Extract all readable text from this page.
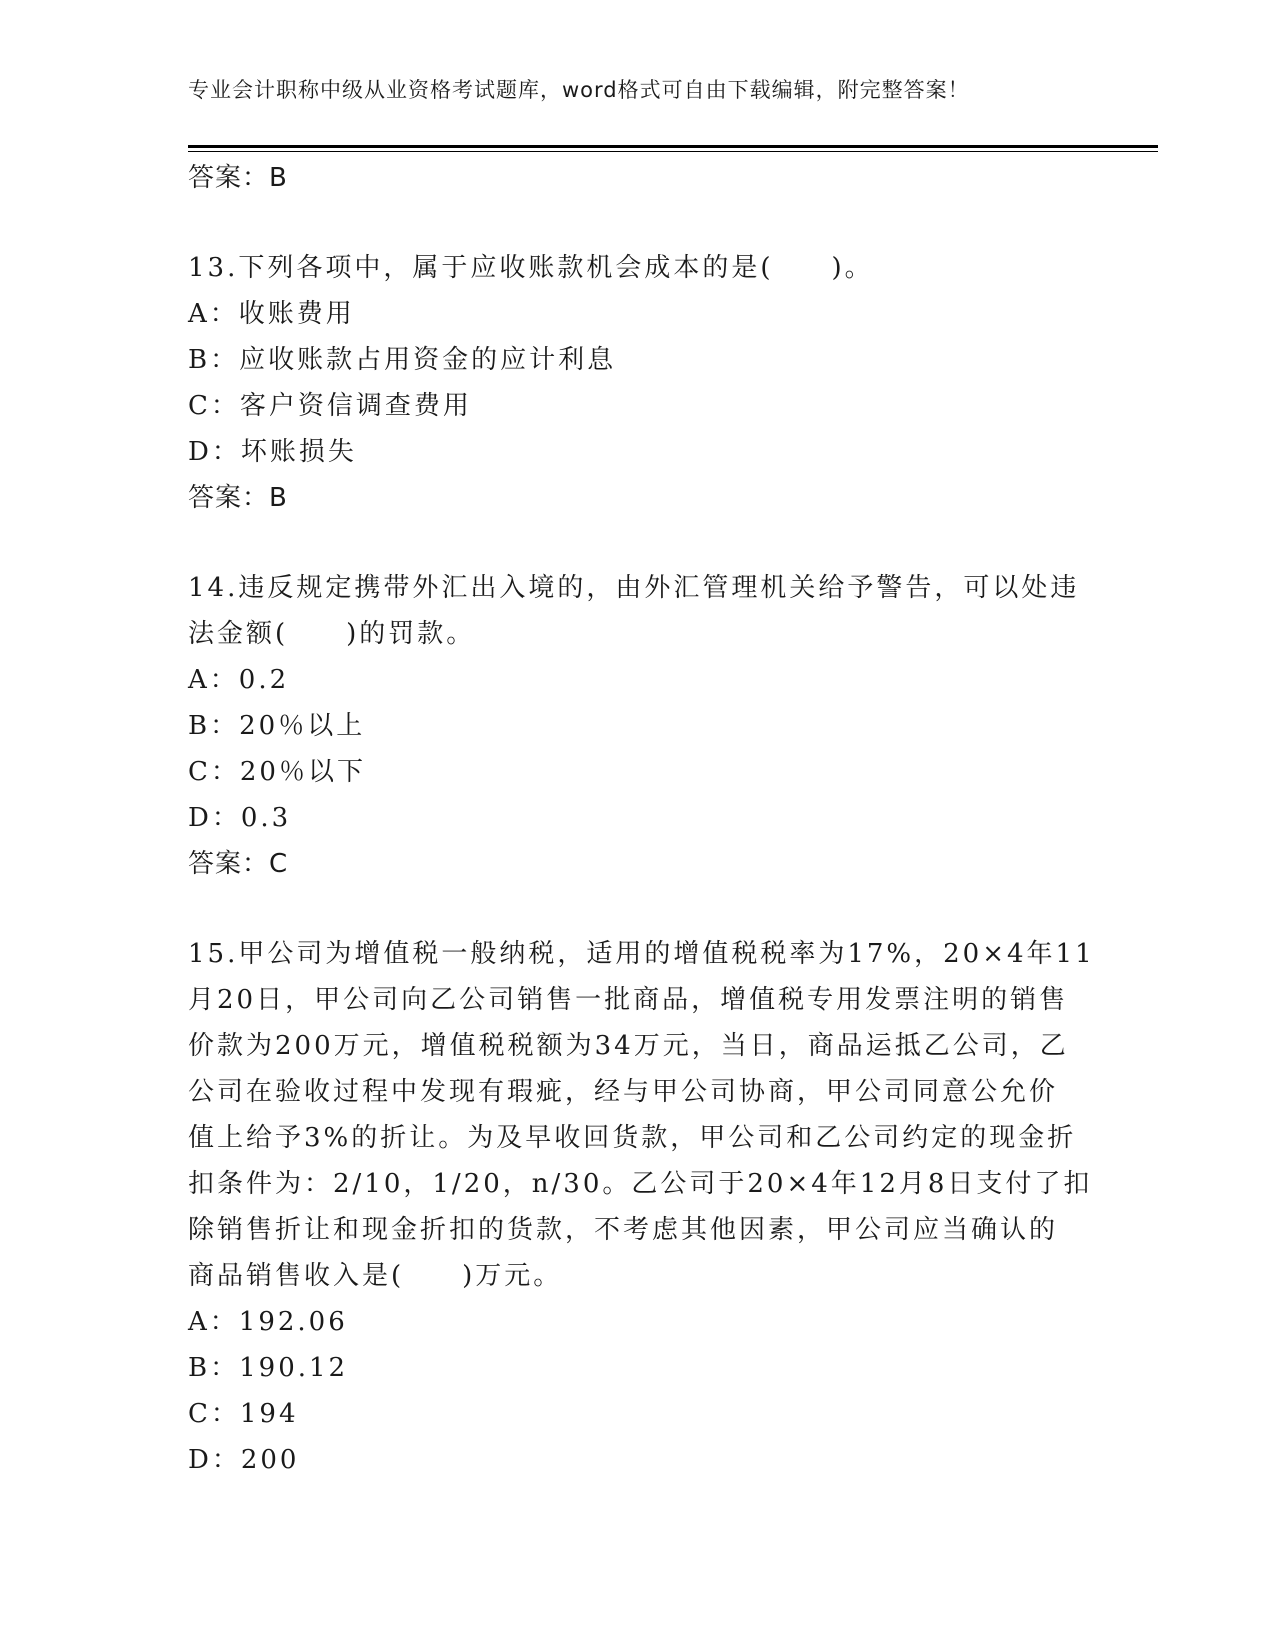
专业会计职称中级从业资格考试题库，word格式可自由下载编辑，附完整答案！
答案：B
13.下列各项中，属于应收账款机会成本的是(　　)。
A：收账费用
B：应收账款占用资金的应计利息
C：客户资信调查费用
D：坏账损失
答案：B
14.违反规定携带外汇出入境的，由外汇管理机关给予警告，可以处违
法金额(　　)的罚款。
A：0.2
B：20％以上
C：20％以下
D：0.3
答案：C
15.甲公司为增值税一般纳税，适用的增值税税率为17%，20×4年11
月20日，甲公司向乙公司销售一批商品，增值税专用发票注明的销售
价款为200万元，增值税税额为34万元，当日，商品运抵乙公司，乙
公司在验收过程中发现有瑕疵，经与甲公司协商，甲公司同意公允价
值上给予3%的折让。为及早收回货款，甲公司和乙公司约定的现金折
扣条件为：2/10，1/20，n/30。乙公司于20×4年12月8日支付了扣
除销售折让和现金折扣的货款，不考虑其他因素，甲公司应当确认的
商品销售收入是(　　)万元。
A：192.06
B：190.12
C：194
D：200
